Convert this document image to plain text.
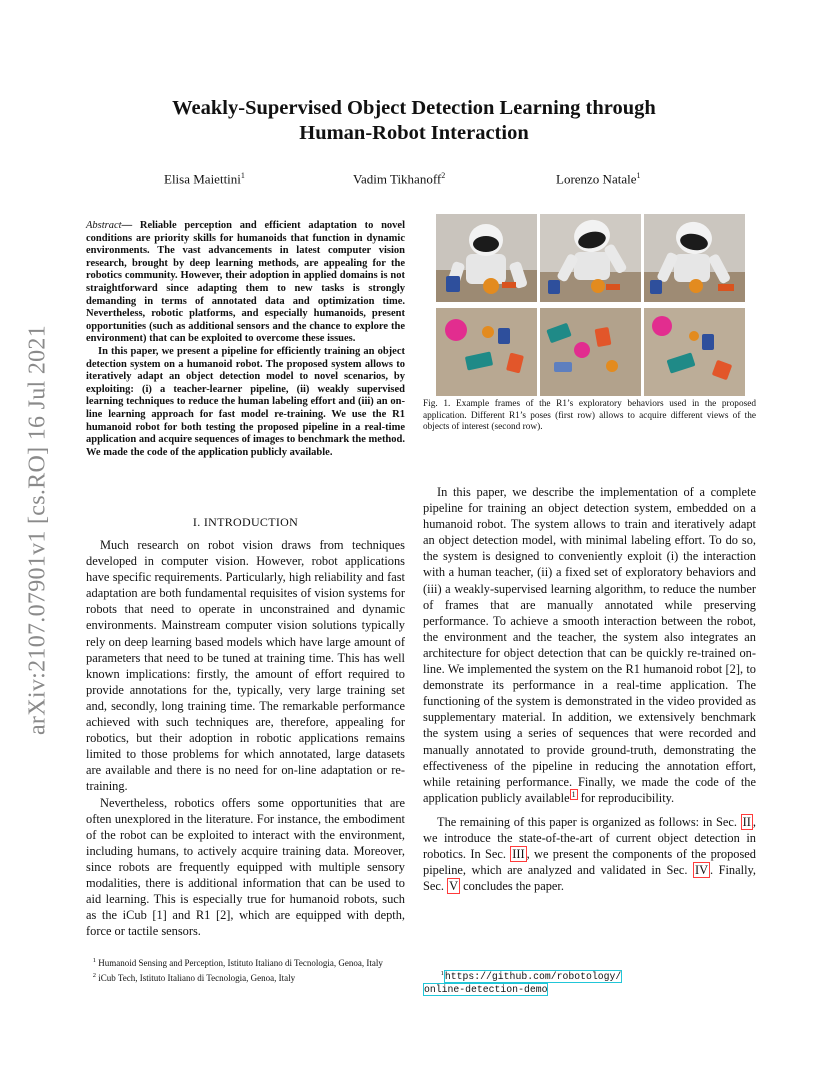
arXiv:2107.07901v1 [cs.RO] 16 Jul 2021
Weakly-Supervised Object Detection Learning through
Human-Robot Interaction
Elisa Maiettini$^1$	Vadim Tikhanoff$^2$	Lorenzo Natale$^1$

Abstract— Reliable perception and efficient adaptation to novel conditions are priority skills for humanoids that function in dynamic environments. The vast advancements in latest computer vision research, brought by deep learning methods, are appealing for the robotics community. However, their adoption in applied domains is not straightforward since adapting them to new tasks is strongly demanding in terms of annotated data and optimization time. Nevertheless, robotic platforms, and especially humanoids, present opportunities (such as additional sensors and the chance to explore the environment) that can be exploited to overcome these issues.

In this paper, we present a pipeline for efficiently training an object detection system on a humanoid robot. The proposed system allows to iteratively adapt an object detection model to novel scenarios, by exploiting: (i) a teacher-learner pipeline, (ii) weakly supervised learning techniques to reduce the human labeling effort and (iii) an on-line learning approach for fast model re-training. We use the R1 humanoid robot for both testing the proposed pipeline in a real-time application and acquire sequences of images to benchmark the method. We made the code of the application publicly available.

I. INTRODUCTION

Much research on robot vision draws from techniques developed in computer vision. However, robot applications have specific requirements. Particularly, high reliability and fast adaptation are both fundamental requisites of vision systems for robots that need to operate in unconstrained and dynamic environments. Mainstream computer vision solutions typically rely on deep learning based models which have large amount of parameters that need to be tuned at training time. This has well known implications: firstly, the amount of effort required to provide annotations for the, typically, very large training set and, secondly, long training time. The remarkable performance achieved with such techniques are, therefore, appealing for robotics, but their adoption in robotic applications remains limited to those problems for which annotated, large datasets are available and there is no need for on-line adaptation or re-training.

Nevertheless, robotics offers some opportunities that are often unexplored in the literature. For instance, the embodiment of the robot can be exploited to interact with the environment, including humans, to actively acquire training data. Moreover, since robots are frequently equipped with multiple sensory modalities, there is additional information that can be used to aid learning. This is especially true for humanoid robots, such as the iCub [1] and R1 [2], which are equipped with depth, force or tactile sensors.

$^1$ Humanoid Sensing and Perception, Istituto Italiano di Tecnologia, Genoa, Italy

$^2$ iCub Tech, Istituto Italiano di Tecnologia, Genoa, Italy

Fig. 1. Example frames of the R1’s exploratory behaviors used in the proposed application. Different R1’s poses (first row) allows to acquire different views of the objects of interest (second row).

In this paper, we describe the implementation of a complete pipeline for training an object detection system, embedded on a humanoid robot. The system allows to train and iteratively adapt an object detection model, with minimal labeling effort. To do so, the system is designed to conveniently exploit (i) the interaction with a human teacher, (ii) a fixed set of exploratory behaviors and (iii) a weakly-supervised learning algorithm, to reduce the number of frames that are manually annotated while preserving performance. To achieve a smooth interaction between the robot, the environment and the teacher, the system also integrates an architecture for object detection that can be quickly re-trained on-line. We implemented the system on the R1 humanoid robot [2], to demonstrate its performance in a real-time application. The functioning of the system is demonstrated in the video provided as supplementary material. In addition, we extensively benchmark the system using a series of sequences that were recorded and manually annotated to provide ground-truth, demonstrating the effectiveness of the pipeline in reducing the annotation effort, while retaining performance. Finally, we made the code of the application publicly available $^1$ for reproducibility.

The remaining of this paper is organized as follows: in Sec. II , we introduce the state-of-the-art of current object detection in robotics. In Sec. III , we present the components of the proposed pipeline, which are analyzed and validated in Sec. IV . Finally, Sec. V concludes the paper.

$^1$https://github.com/robotology/
online-detection-demo
